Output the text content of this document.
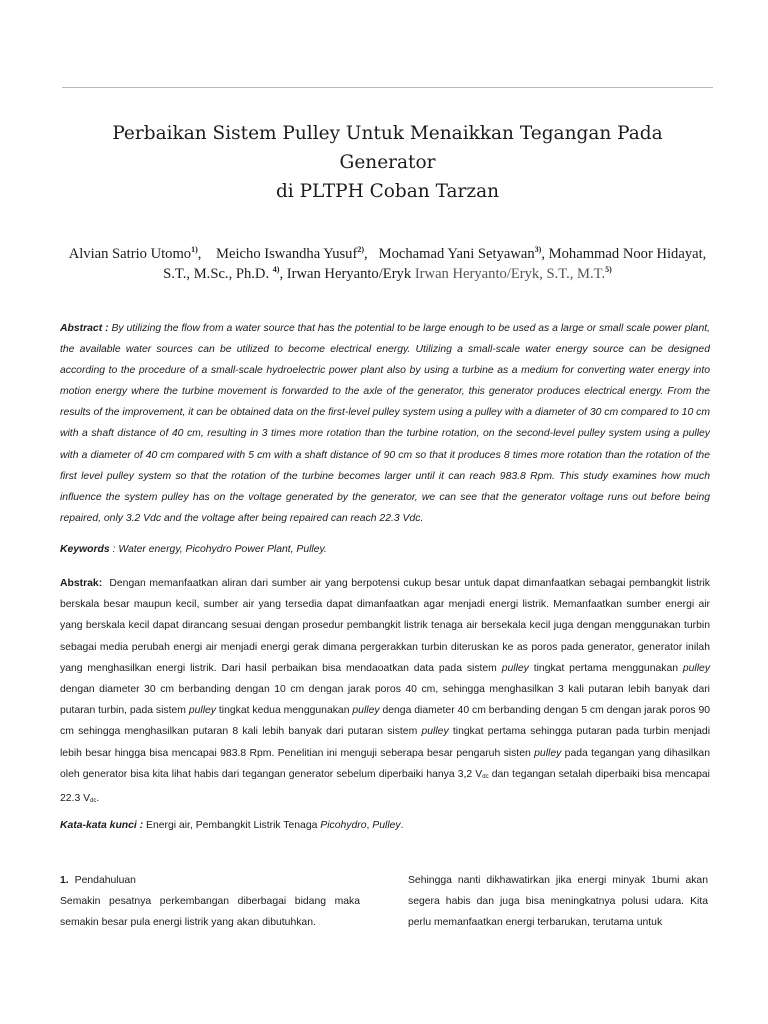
Perbaikan Sistem Pulley Untuk Menaikkan Tegangan Pada
Generator
di PLTPH Coban Tarzan
Alvian Satrio Utomo$^{1)}$,    Meicho Iswandha Yusuf$^{2)}$,   Mochamad Yani Setyawan$^{3)}$, Mohammad Noor Hidayat, S.T., M.Sc., Ph.D. $^{4)}$, Irwan Heryanto/Eryk Irwan Heryanto/Eryk, S.T., M.T.$^{5)}$
Abstract : By utilizing the flow from a water source that has the potential to be large enough to be used as a large or small scale power plant, the available water sources can be utilized to become electrical energy. Utilizing a small-scale water energy source can be designed according to the procedure of a small-scale hydroelectric power plant also by using a turbine as a medium for converting water energy into motion energy where the turbine movement is forwarded to the axle of the generator, this generator produces electrical energy. From the results of the improvement, it can be obtained data on the first-level pulley system using a pulley with a diameter of 30 cm compared to 10 cm with a shaft distance of 40 cm, resulting in 3 times more rotation than the turbine rotation, on the second-level pulley system using a pulley with a diameter of 40 cm compared with 5 cm with a shaft distance of 90 cm so that it produces 8 times more rotation than the rotation of the first level pulley system so that the rotation of the turbine becomes larger until it can reach 983.8 Rpm. This study examines how much influence the system pulley has on the voltage generated by the generator, we can see that the generator voltage runs out before being repaired, only 3.2 Vdc and the voltage after being repaired can reach 22.3 Vdc.
Keywords : Water energy, Picohydro Power Plant, Pulley.
Abstrak: Dengan memanfaatkan aliran dari sumber air yang berpotensi cukup besar untuk dapat dimanfaatkan sebagai pembangkit listrik berskala besar maupun kecil, sumber air yang tersedia dapat dimanfaatkan agar menjadi energi listrik. Memanfaatkan sumber energi air yang berskala kecil dapat dirancang sesuai dengan prosedur pembangkit listrik tenaga air bersekala kecil juga dengan menggunakan turbin sebagai media perubah energi air menjadi energi gerak dimana pergerakkan turbin diteruskan ke as poros pada generator, generator inilah yang menghasilkan energi listrik. Dari hasil perbaikan bisa mendaoatkan data pada sistem pulley tingkat pertama menggunakan pulley dengan diameter 30 cm berbanding dengan 10 cm dengan jarak poros 40 cm, sehingga menghasilkan 3 kali putaran lebih banyak dari putaran turbin, pada sistem pulley tingkat kedua menggunakan pulley denga diameter 40 cm berbanding dengan 5 cm dengan jarak poros 90 cm sehingga menghasilkan putaran 8 kali lebih banyak dari putaran sistem pulley tingkat pertama sehingga putaran pada turbin menjadi lebih besar hingga bisa mencapai 983.8 Rpm. Penelitian ini menguji seberapa besar pengaruh sisten pulley pada tegangan yang dihasilkan oleh generator bisa kita lihat habis dari tegangan generator sebelum diperbaiki hanya 3,2 Vdc dan tegangan setalah diperbaiki bisa mencapai 22.3 Vdc.
Kata-kata kunci : Energi air, Pembangkit Listrik Tenaga Picohydro, Pulley.
1. Pendahuluan
Semakin pesatnya perkembangan diberbagai bidang maka semakin besar pula energi listrik yang akan dibutuhkan.
Sehingga nanti dikhawatirkan jika energi minyak 1bumi akan segera habis dan juga bisa meningkatnya polusi udara. Kita perlu memanfaatkan energi terbarukan, terutama untuk
